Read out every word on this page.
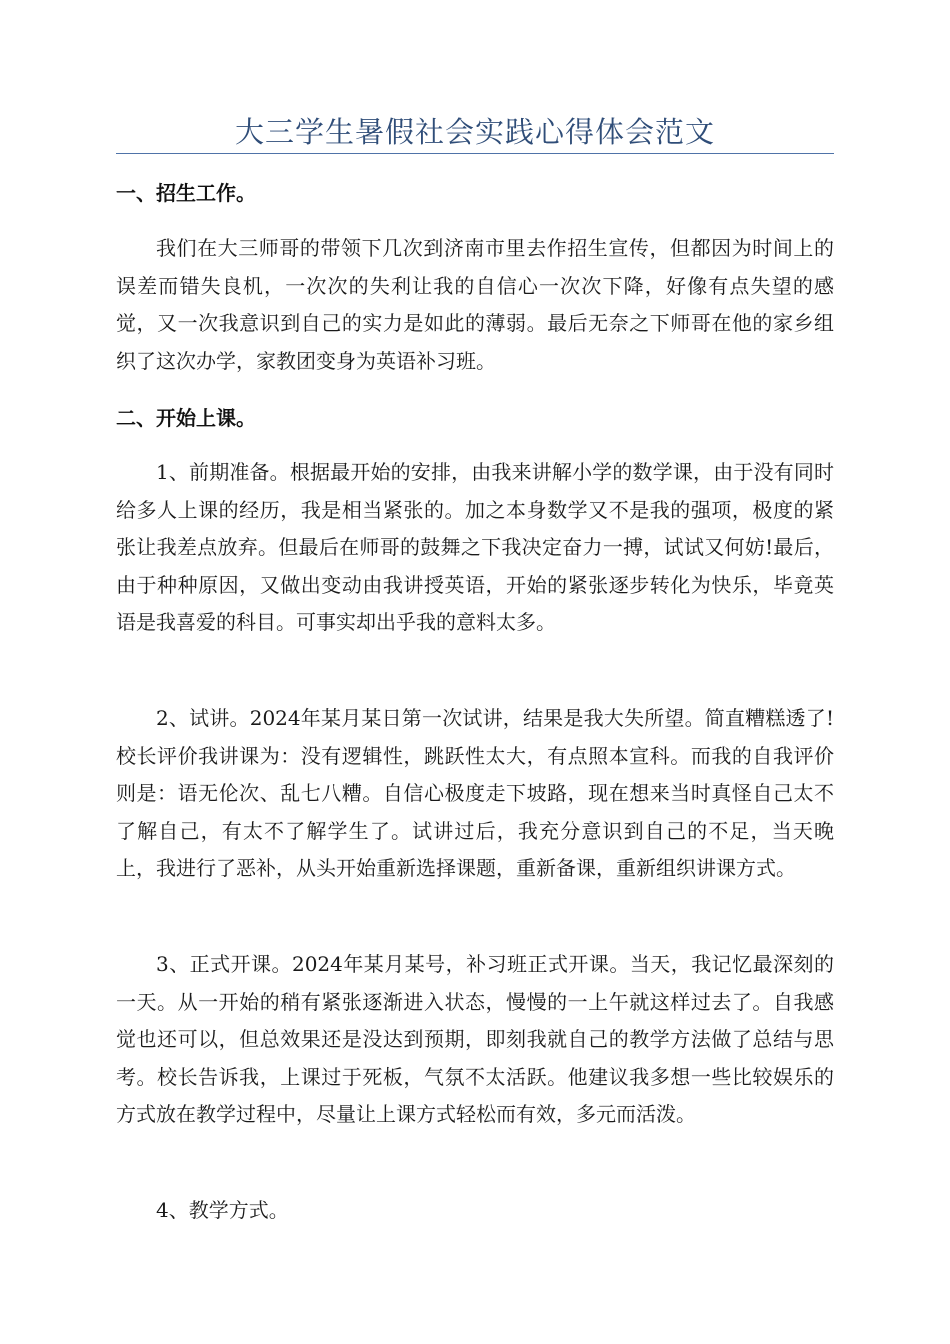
大三学生暑假社会实践心得体会范文
一、招生工作。

我们在大三师哥的带领下几次到济南市里去作招生宣传，但都因为时间上的误差而错失良机，一次次的失利让我的自信心一次次下降，好像有点失望的感觉，又一次我意识到自己的实力是如此的薄弱。最后无奈之下师哥在他的家乡组织了这次办学，家教团变身为英语补习班。

二、开始上课。

1、前期准备。根据最开始的安排，由我来讲解小学的数学课，由于没有同时给多人上课的经历，我是相当紧张的。加之本身数学又不是我的强项，极度的紧张让我差点放弃。但最后在师哥的鼓舞之下我决定奋力一搏，试试又何妨!最后，由于种种原因，又做出变动由我讲授英语，开始的紧张逐步转化为快乐，毕竟英语是我喜爱的科目。可事实却出乎我的意料太多。

2、试讲。2024年某月某日第一次试讲，结果是我大失所望。简直糟糕透了!校长评价我讲课为：没有逻辑性，跳跃性太大，有点照本宣科。而我的自我评价则是：语无伦次、乱七八糟。自信心极度走下坡路，现在想来当时真怪自己太不了解自己，有太不了解学生了。试讲过后，我充分意识到自己的不足，当天晚上，我进行了恶补，从头开始重新选择课题，重新备课，重新组织讲课方式。

3、正式开课。2024年某月某号，补习班正式开课。当天，我记忆最深刻的一天。从一开始的稍有紧张逐渐进入状态，慢慢的一上午就这样过去了。自我感觉也还可以，但总效果还是没达到预期，即刻我就自己的教学方法做了总结与思考。校长告诉我，上课过于死板，气氛不太活跃。他建议我多想一些比较娱乐的方式放在教学过程中，尽量让上课方式轻松而有效，多元而活泼。

4、教学方式。
